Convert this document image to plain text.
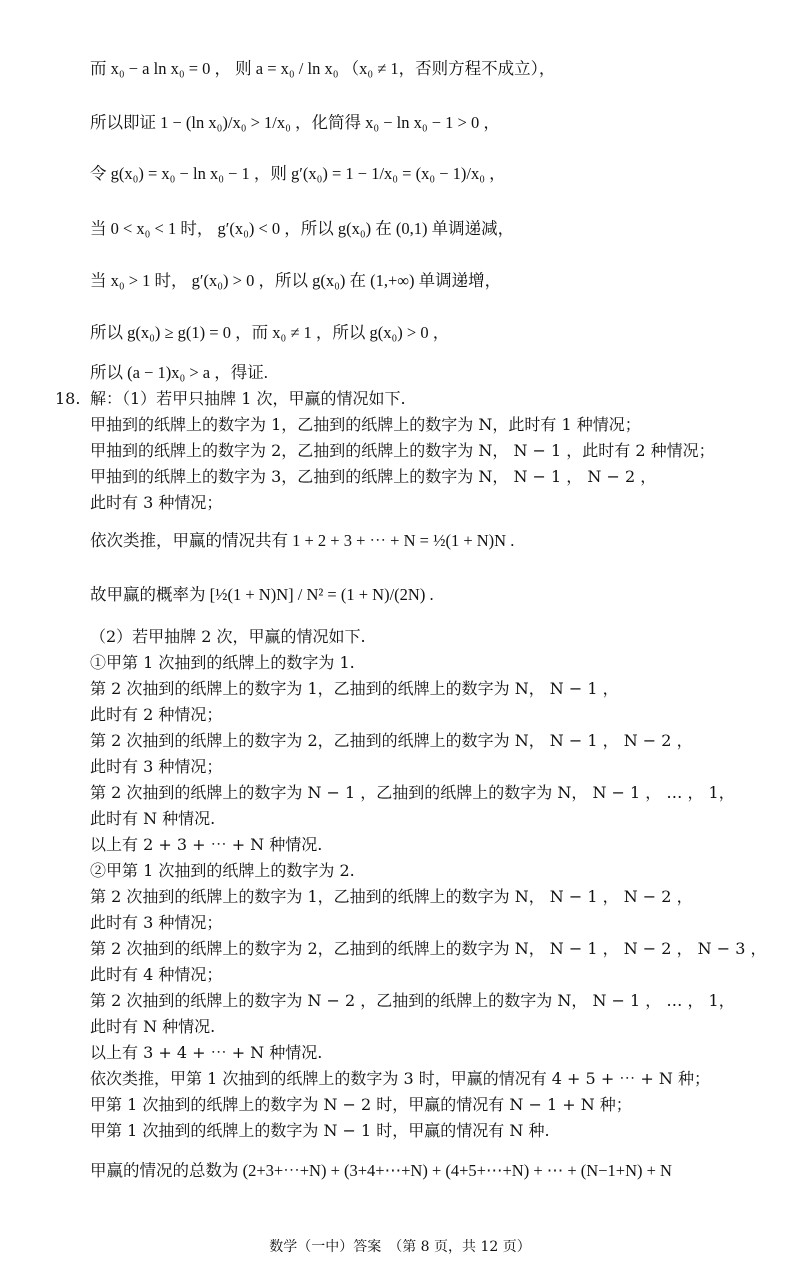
而 x₀ − a ln x₀ = 0 ， 则 a = x₀ / ln x₀ （x₀ ≠ 1，否则方程不成立），
所以即证 1 − (ln x₀)/x₀ > 1/x₀ ，化简得 x₀ − ln x₀ − 1 > 0 ，
令 g(x₀) = x₀ − ln x₀ − 1 ，则 g′(x₀) = 1 − 1/x₀ = (x₀ − 1)/x₀ ，
当 0 < x₀ < 1 时， g′(x₀) < 0 ，所以 g(x₀) 在 (0,1) 单调递减，
当 x₀ > 1 时， g′(x₀) > 0 ，所以 g(x₀) 在 (1,+∞) 单调递增，
所以 g(x₀) ≥ g(1) = 0 ，而 x₀ ≠ 1 ，所以 g(x₀) > 0 ，
所以 (a − 1)x₀ > a ，得证.
18. 解：（1）若甲只抽牌 1 次，甲赢的情况如下.
甲抽到的纸牌上的数字为 1，乙抽到的纸牌上的数字为 N，此时有 1 种情况；
甲抽到的纸牌上的数字为 2，乙抽到的纸牌上的数字为 N， N − 1 ，此时有 2 种情况；
甲抽到的纸牌上的数字为 3，乙抽到的纸牌上的数字为 N， N − 1 ， N − 2 ，
此时有 3 种情况；
依次类推，甲赢的情况共有 1 + 2 + 3 + ⋯ + N = ½(1 + N)N .
故甲赢的概率为 [½(1 + N)N] / N² = (1 + N)/(2N) .
（2）若甲抽牌 2 次，甲赢的情况如下.
①甲第 1 次抽到的纸牌上的数字为 1.
第 2 次抽到的纸牌上的数字为 1，乙抽到的纸牌上的数字为 N， N − 1 ，
此时有 2 种情况；
第 2 次抽到的纸牌上的数字为 2，乙抽到的纸牌上的数字为 N， N − 1 ， N − 2 ，
此时有 3 种情况；
第 2 次抽到的纸牌上的数字为 N − 1 ，乙抽到的纸牌上的数字为 N， N − 1 ， … ， 1，
此时有 N 种情况.
以上有 2 + 3 + ⋯ + N 种情况.
②甲第 1 次抽到的纸牌上的数字为 2.
第 2 次抽到的纸牌上的数字为 1，乙抽到的纸牌上的数字为 N， N − 1 ， N − 2 ，
此时有 3 种情况；
第 2 次抽到的纸牌上的数字为 2，乙抽到的纸牌上的数字为 N， N − 1 ， N − 2 ， N − 3 ，
此时有 4 种情况；
第 2 次抽到的纸牌上的数字为 N − 2 ，乙抽到的纸牌上的数字为 N， N − 1 ， … ， 1，
此时有 N 种情况.
以上有 3 + 4 + ⋯ + N 种情况.
依次类推，甲第 1 次抽到的纸牌上的数字为 3 时，甲赢的情况有 4 + 5 + ⋯ + N 种；
甲第 1 次抽到的纸牌上的数字为 N − 2 时，甲赢的情况有 N − 1 + N 种；
甲第 1 次抽到的纸牌上的数字为 N − 1 时，甲赢的情况有 N 种.
甲赢的情况的总数为 (2+3+⋯+N) + (3+4+⋯+N) + (4+5+⋯+N) + ⋯ + (N−1+N) + N
数学（一中）答案　（第 8 页，共 12 页）
